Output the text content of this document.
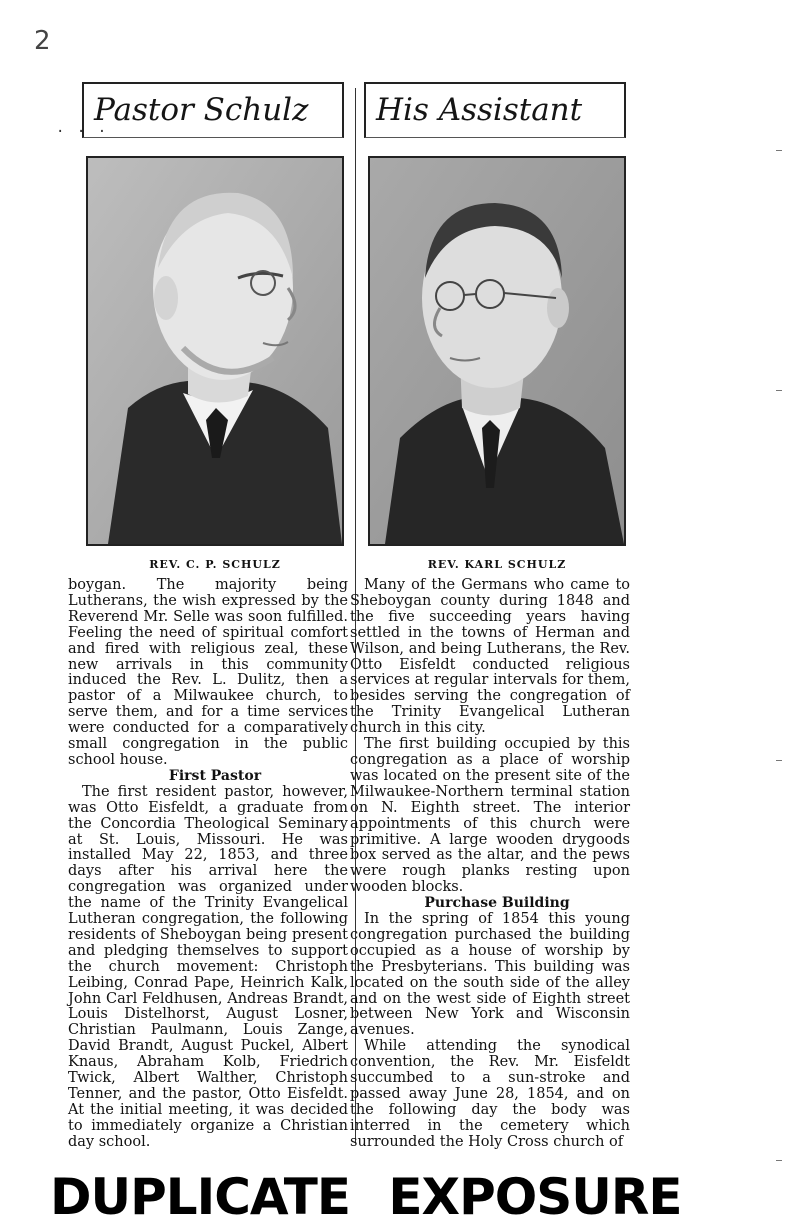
2
Pastor Schulz	His Assistant
· · ·
REV. C. P. SCHULZ	REV. KARL SCHULZ

boygan. The majority being Lutherans, the wish expressed by the Reverend Mr. Selle was soon fulfilled. Feeling the need of spiritual comfort and fired with religious zeal, these new arrivals in this community induced the Rev. L. Dulitz, then a pastor of a Milwaukee church, to serve them, and for a time services were conducted for a comparatively small congregation in the public school house.

First Pastor

The first resident pastor, however, was Otto Eisfeldt, a graduate from the Concordia Theological Seminary at St. Louis, Missouri. He was installed May 22, 1853, and three days after his arrival here the congregation was organized under the name of the Trinity Evangelical Lutheran congregation, the following residents of Sheboygan being present and pledging themselves to support the church movement: Christoph Leibing, Conrad Pape, Heinrich Kalk, John Carl Feldhusen, Andreas Brandt, Louis Distelhorst, August Losner, Christian Paulmann, Louis Zange, David Brandt, August Puckel, Albert Knaus, Abraham Kolb, Friedrich Twick, Albert Walther, Christoph Tenner, and the pastor, Otto Eisfeldt. At the initial meeting, it was decided to immediately organize a Christian day school.

Many of the Germans who came to Sheboygan county during 1848 and the five succeeding years having settled in the towns of Herman and Wilson, and being Lutherans, the Rev. Otto Eisfeldt conducted religious services at regular intervals for them, besides serving the congregation of the Trinity Evangelical Lutheran church in this city.

The first building occupied by this congregation as a place of worship was located on the present site of the Milwaukee-Northern terminal station on N. Eighth street. The interior appointments of this church were primitive. A large wooden drygoods box served as the altar, and the pews were rough planks resting upon wooden blocks.

Purchase Building

In the spring of 1854 this young congregation purchased the building occupied as a house of worship by the Presbyterians. This building was located on the south side of the alley and on the west side of Eighth street between New York and Wisconsin avenues.

While attending the synodical convention, the Rev. Mr. Eisfeldt succumbed to a sun-stroke and passed away June 28, 1854, and on the following day the body was interred in the cemetery which surrounded the Holy Cross church of

DUPLICATE EXPOSURE
